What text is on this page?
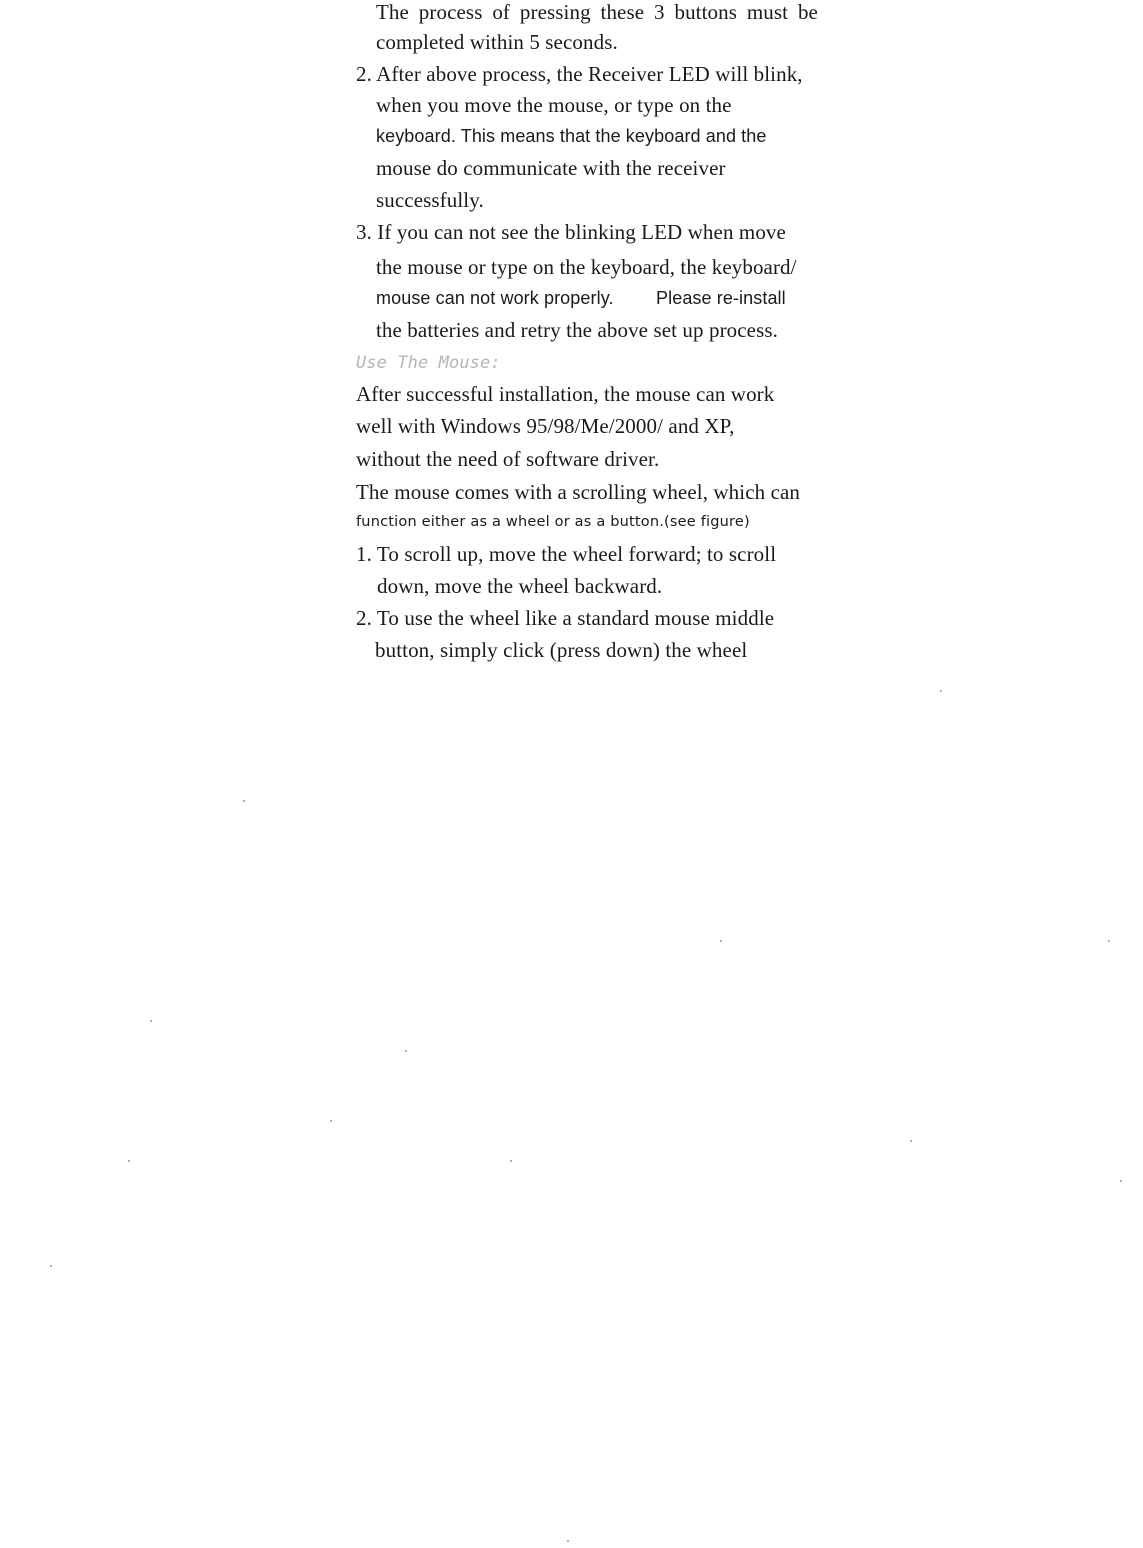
The process of pressing these 3 buttons must be
completed within 5 seconds.
2. After above process, the Receiver LED will blink,
when you move the mouse, or type on the
keyboard. This means that the keyboard and the
mouse do communicate with the receiver
successfully.
3. If you can not see the blinking LED when move
the mouse or type on the keyboard, the keyboard/
mouse can not work properly. Please re-install
the batteries and retry the above set up process.
Use The Mouse:
After successful installation, the mouse can work
well with Windows 95/98/Me/2000/ and XP,
without the need of software driver.
The mouse comes with a scrolling wheel, which can
function either as a wheel or as a button.(see figure)
1. To scroll up, move the wheel forward; to scroll
down, move the wheel backward.
2. To use the wheel like a standard mouse middle
button, simply click (press down) the wheel
